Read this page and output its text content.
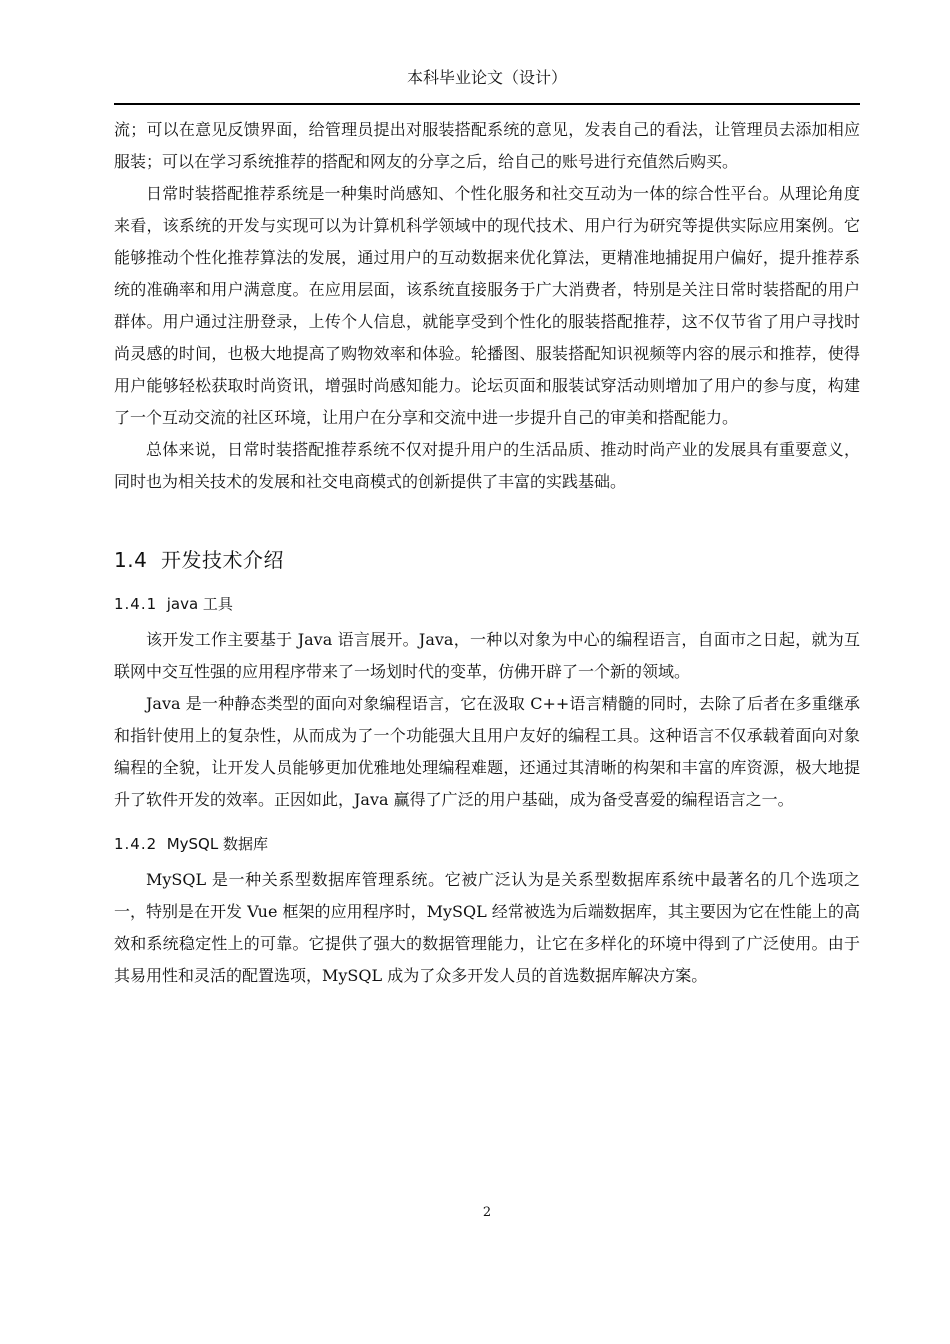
本科毕业论文（设计）

流；可以在意见反馈界面，给管理员提出对服装搭配系统的意见，发表自己的看法，让管理员去添加相应服装；可以在学习系统推荐的搭配和网友的分享之后，给自己的账号进行充值然后购买。

日常时装搭配推荐系统是一种集时尚感知、个性化服务和社交互动为一体的综合性平台。从理论角度来看，该系统的开发与实现可以为计算机科学领域中的现代技术、用户行为研究等提供实际应用案例。它能够推动个性化推荐算法的发展，通过用户的互动数据来优化算法，更精准地捕捉用户偏好，提升推荐系统的准确率和用户满意度。在应用层面，该系统直接服务于广大消费者，特别是关注日常时装搭配的用户群体。用户通过注册登录，上传个人信息，就能享受到个性化的服装搭配推荐，这不仅节省了用户寻找时尚灵感的时间，也极大地提高了购物效率和体验。轮播图、服装搭配知识视频等内容的展示和推荐，使得用户能够轻松获取时尚资讯，增强时尚感知能力。论坛页面和服装试穿活动则增加了用户的参与度，构建了一个互动交流的社区环境，让用户在分享和交流中进一步提升自己的审美和搭配能力。

总体来说，日常时装搭配推荐系统不仅对提升用户的生活品质、推动时尚产业的发展具有重要意义，同时也为相关技术的发展和社交电商模式的创新提供了丰富的实践基础。

1.4 开发技术介绍
1.4.1 java 工具

该开发工作主要基于 Java 语言展开。Java，一种以对象为中心的编程语言，自面市之日起，就为互联网中交互性强的应用程序带来了一场划时代的变革，仿佛开辟了一个新的领域。

Java 是一种静态类型的面向对象编程语言，它在汲取 C++语言精髓的同时，去除了后者在多重继承和指针使用上的复杂性，从而成为了一个功能强大且用户友好的编程工具。这种语言不仅承载着面向对象编程的全貌，让开发人员能够更加优雅地处理编程难题，还通过其清晰的构架和丰富的库资源，极大地提升了软件开发的效率。正因如此，Java 赢得了广泛的用户基础，成为备受喜爱的编程语言之一。

1.4.2 MySQL 数据库

MySQL 是一种关系型数据库管理系统。它被广泛认为是关系型数据库系统中最著名的几个选项之一，特别是在开发 Vue 框架的应用程序时，MySQL 经常被选为后端数据库，其主要因为它在性能上的高效和系统稳定性上的可靠。它提供了强大的数据管理能力，让它在多样化的环境中得到了广泛使用。由于其易用性和灵活的配置选项，MySQL 成为了众多开发人员的首选数据库解决方案。

2
